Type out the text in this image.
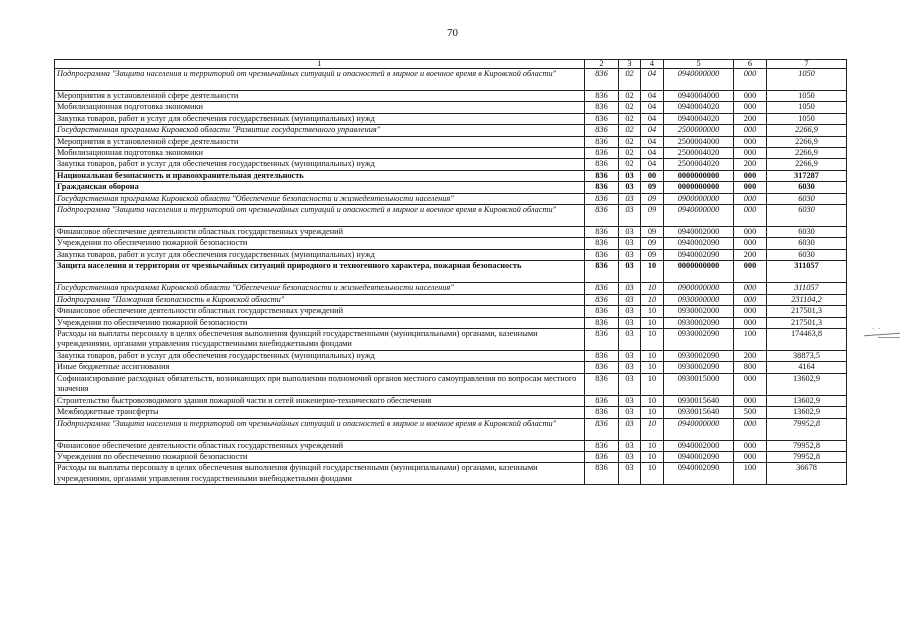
70
1	2	3	4	5	6	7
Подпрограмма "Защита населения и территорий от чрезвычайных ситуаций и опасностей в мирное и военное время в Кировской области"	836	02	04	0940000000	000	1050
Мероприятия в установленной сфере деятельности	836	02	04	0940004000	000	1050
Мобилизационная подготовка экономики	836	02	04	0940004020	000	1050
Закупка товаров, работ и услуг для обеспечения государственных (муниципальных) нужд	836	02	04	0940004020	200	1050
Государственная программа Кировской области "Развитие государственного управления"	836	02	04	2500000000	000	2266,9
Мероприятия в установленной сфере деятельности	836	02	04	2500004000	000	2266,9
Мобилизационная подготовка экономики	836	02	04	2500004020	000	2266,9
Закупка товаров, работ и услуг для обеспечения государственных (муниципальных) нужд	836	02	04	2500004020	200	2266,9
Национальная безопасность и правоохранительная деятельность	836	03	00	0000000000	000	317287
Гражданская оборона	836	03	09	0000000000	000	6030
Государственная программа Кировской области "Обеспечение безопасности и жизнедеятельности населения"	836	03	09	0900000000	000	6030
Подпрограмма "Защита населения и территорий от чрезвычайных ситуаций и опасностей в мирное и военное время в Кировской области"	836	03	09	0940000000	000	6030
Финансовое обеспечение деятельности областных государственных учреждений	836	03	09	0940002000	000	6030
Учреждения по обеспечению пожарной безопасности	836	03	09	0940002090	000	6030
Закупка товаров, работ и услуг для обеспечения государственных (муниципальных) нужд	836	03	09	0940002090	200	6030
Защита населения и территории от чрезвычайных ситуаций природного и техногенного характера, пожарная безопасность	836	03	10	0000000000	000	311057
Государственная программа Кировской области "Обеспечение безопасности и жизнедеятельности населения"	836	03	10	0900000000	000	311057
Подпрограмма "Пожарная безопасность в Кировской области"	836	03	10	0930000000	000	231104,2
Финансовое обеспечение деятельности областных государственных учреждений	836	03	10	0930002000	000	217501,3
Учреждения по обеспечению пожарной безопасности	836	03	10	0930002090	000	217501,3
Расходы на выплаты персоналу в целях обеспечения выполнения функций государственными (муниципальными) органами, казенными учреждениями, органами управления государственными внебюджетными фондами	836	03	10	0930002090	100	174463,8
Закупка товаров, работ и услуг для обеспечения государственных (муниципальных) нужд	836	03	10	0930002090	200	38873,5
Иные бюджетные ассигнования	836	03	10	0930002090	800	4164
Софинансирование расходных обязательств, возникающих при выполнении полномочий органов местного самоуправления по вопросам местного значения	836	03	10	0930015000	000	13602,9
Строительство быстровозводимого здания пожарной части и сетей инженерно-технического обеспечения	836	03	10	0930015640	000	13602,9
Межбюджетные трансферты	836	03	10	0930015640	500	13602,9
Подпрограмма "Защита населения и территорий от чрезвычайных ситуаций и опасностей в мирное и военное время в Кировской области"	836	03	10	0940000000	000	79952,8
Финансовое обеспечение деятельности областных государственных учреждений	836	03	10	0940002000	000	79952,8
Учреждения по обеспечению пожарной безопасности	836	03	10	0940002090	000	79952,8
Расходы на выплаты персоналу в целях обеспечения выполнения функций государственными (муниципальными) органами, казенными учреждениями, органами управления государственными внебюджетными фондами	836	03	10	0940002090	100	36678
· ·
